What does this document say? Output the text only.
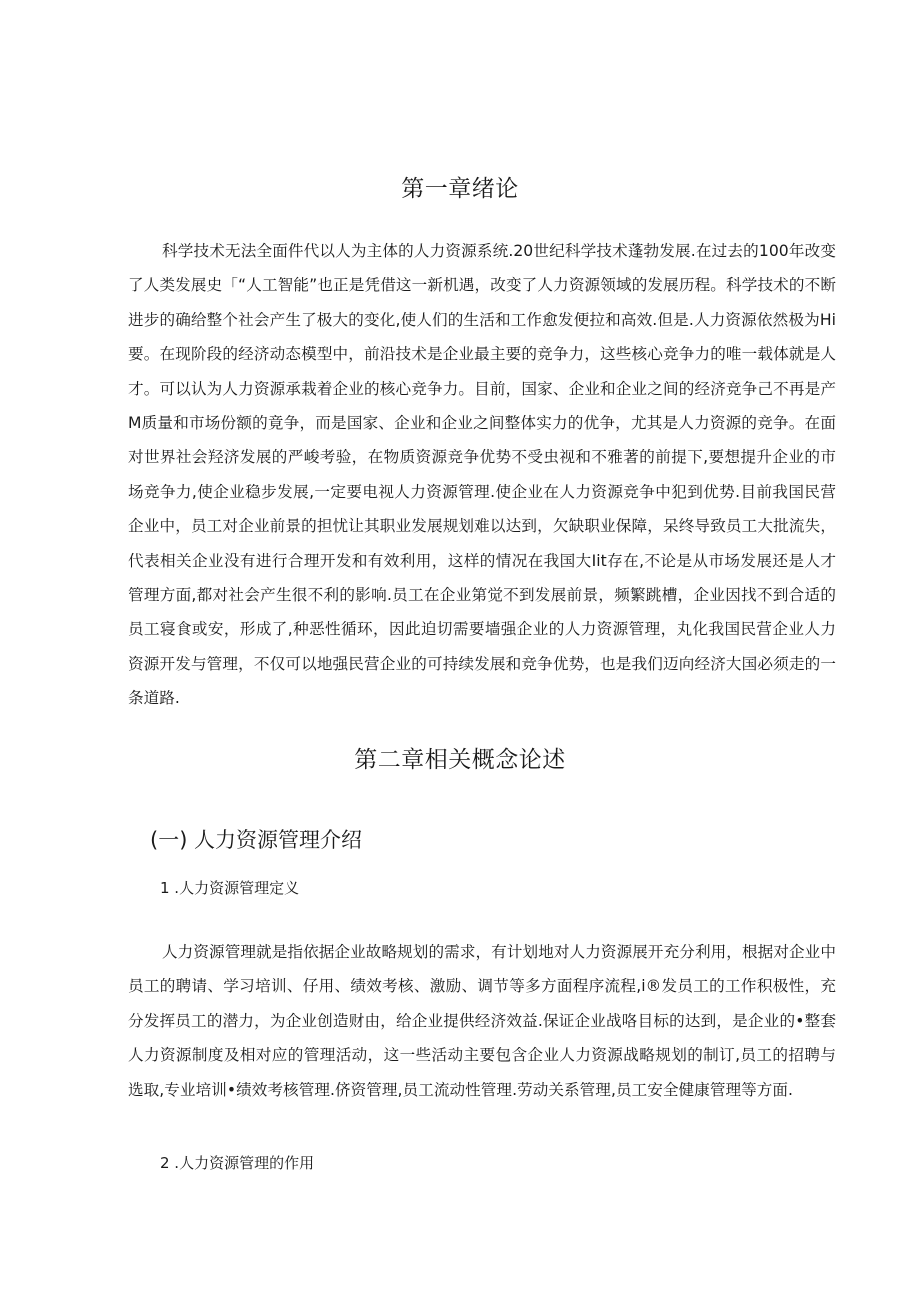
第一章绪论

科学技术无法全面件代以人为主体的人力资源系统.20世纪科学技术蓬勃发展.在过去的100年改变了人类发展史「“人工智能”也正是凭借这一新机遇，改变了人力资源领域的发展历程。科学技术的不断进步的确给整个社会产生了极大的变化,使人们的生活和工作愈发便拉和高效.但是.人力资源依然极为Hi要。在现阶段的经济动态模型中，前沿技术是企业最主要的竞争力，这些核心竞争力的唯一载体就是人才。可以认为人力资源承栽着企业的核心竞争力。目前，国家、企业和企业之间的经济竞争己不再是产M质量和市场份额的竟争，而是国家、企业和企业之间整体实力的优争，尤其是人力资源的竞争。在面对世界社会羟济发展的严峻考验，在物质资源竞争优势不受虫视和不雅著的前提下,要想提升企业的市场竞争力,使企业稳步发展,一定要电视人力资源管理.使企业在人力资源竞争中犯到优势.目前我国民营企业中，员工对企业前景的担忧让其职业发展规划难以达到，欠缺职业保障，呆终导致员工大批流失，代表相关企业没有进行合理开发和有效利用，这样的情况在我国大Iit存在,不论是从市场发展还是人才管理方面,都对社会产生很不利的影响.员工在企业第觉不到发展前景，频繁跳槽，企业因找不到合适的员工寝食或安，形成了,种恶性循环，因此迫切需要墙强企业的人力资源管理，丸化我国民营企业人力资源开发与管理，不仅可以地强民营企业的可持续发展和竞争优势，也是我们迈向经济大国必须走的一条道路.

第二章相关概念论述
(一) 人力资源管理介绍
1 .人力资源管理定义

人力资源管理就是指依据企业故略规划的需求，有计划地对人力资源展开充分利用，根据对企业中员工的聘请、学习培训、仔用、绩效考核、激励、调节等多方面程序流程,i®发员工的工作积极性，充分发挥员工的潜力，为企业创造财由，给企业提供经济效益.保证企业战咯目标的达到，是企业的•整套人力资源制度及相对应的管理活动，这一些活动主要包含企业人力资源战略规划的制订,员工的招聘与选取,专业培训•绩效考核管理.侪资管理,员工流动性管理.劳动关系管理,员工安全健康管理等方面.

2 .人力资源管理的作用
